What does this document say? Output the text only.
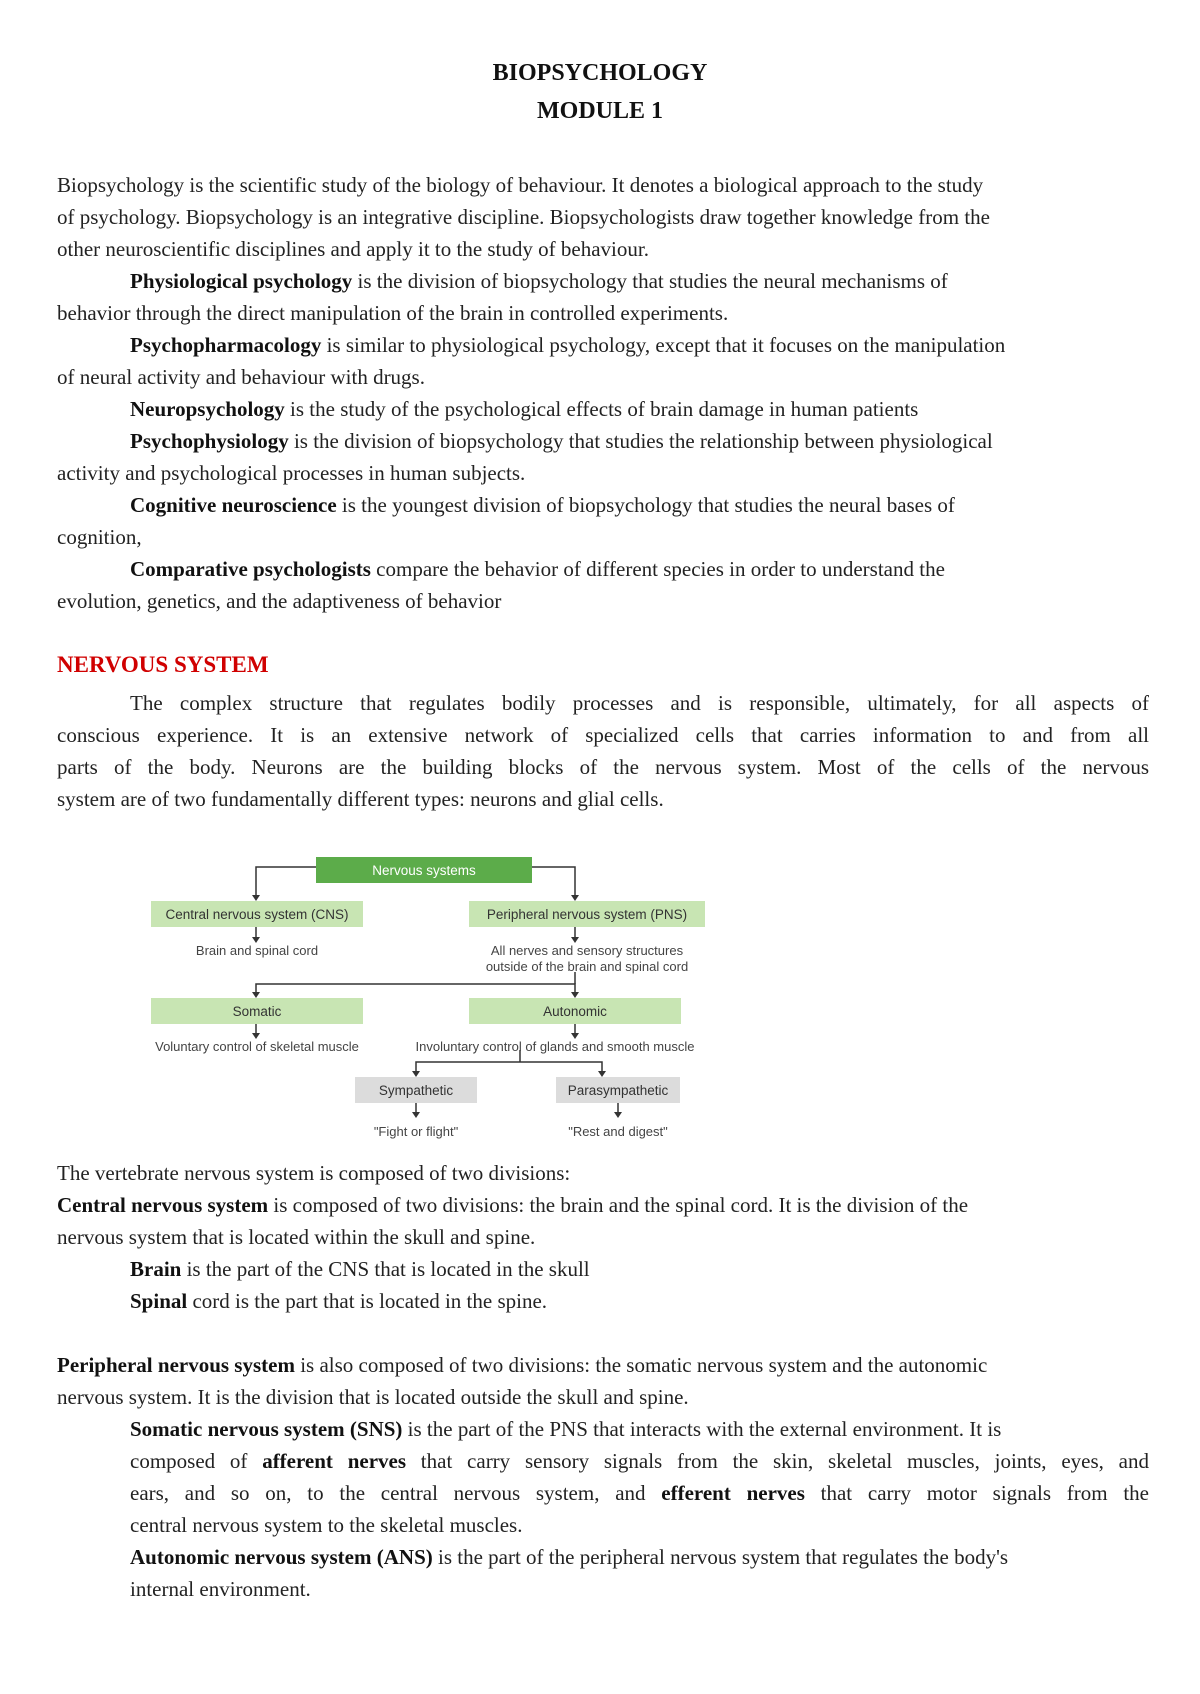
BIOPSYCHOLOGY
MODULE 1
Biopsychology is the scientific study of the biology of behaviour. It denotes a biological approach to the study
of psychology. Biopsychology is an integrative discipline. Biopsychologists draw together knowledge from the
other neuroscientific disciplines and apply it to the study of behaviour.
Physiological psychology is the division of biopsychology that studies the neural mechanisms of
behavior through the direct manipulation of the brain in controlled experiments.
Psychopharmacology is similar to physiological psychology, except that it focuses on the manipulation
of neural activity and behaviour with drugs.
Neuropsychology is the study of the psychological effects of brain damage in human patients
Psychophysiology is the division of biopsychology that studies the relationship between physiological
activity and psychological processes in human subjects.
Cognitive neuroscience is the youngest division of biopsychology that studies the neural bases of
cognition,
Comparative psychologists compare the behavior of different species in order to understand the
evolution, genetics, and the adaptiveness of behavior
NERVOUS SYSTEM
The complex structure that regulates bodily processes and is responsible, ultimately, for all aspects of
conscious experience. It is an extensive network of specialized cells that carries information to and from all
parts of the body. Neurons are the building blocks of the nervous system. Most of the cells of the nervous
system are of two fundamentally different types: neurons and glial cells.
Nervous systems
Central nervous system (CNS)
Brain and spinal cord
Peripheral nervous system (PNS)
All nerves and sensory structures
outside of the brain and spinal cord
Somatic
Voluntary control of skeletal muscle
Autonomic
Involuntary control of glands and smooth muscle
Sympathetic
"Fight or flight"
Parasympathetic
"Rest and digest"
The vertebrate nervous system is composed of two divisions:
Central nervous system is composed of two divisions: the brain and the spinal cord. It is the division of the
nervous system that is located within the skull and spine.
Brain is the part of the CNS that is located in the skull
Spinal cord is the part that is located in the spine.
Peripheral nervous system is also composed of two divisions: the somatic nervous system and the autonomic
nervous system. It is the division that is located outside the skull and spine.
Somatic nervous system (SNS) is the part of the PNS that interacts with the external environment. It is
composed of afferent nerves that carry sensory signals from the skin, skeletal muscles, joints, eyes, and
ears, and so on, to the central nervous system, and efferent nerves that carry motor signals from the
central nervous system to the skeletal muscles.
Autonomic nervous system (ANS) is the part of the peripheral nervous system that regulates the body's
internal environment.
